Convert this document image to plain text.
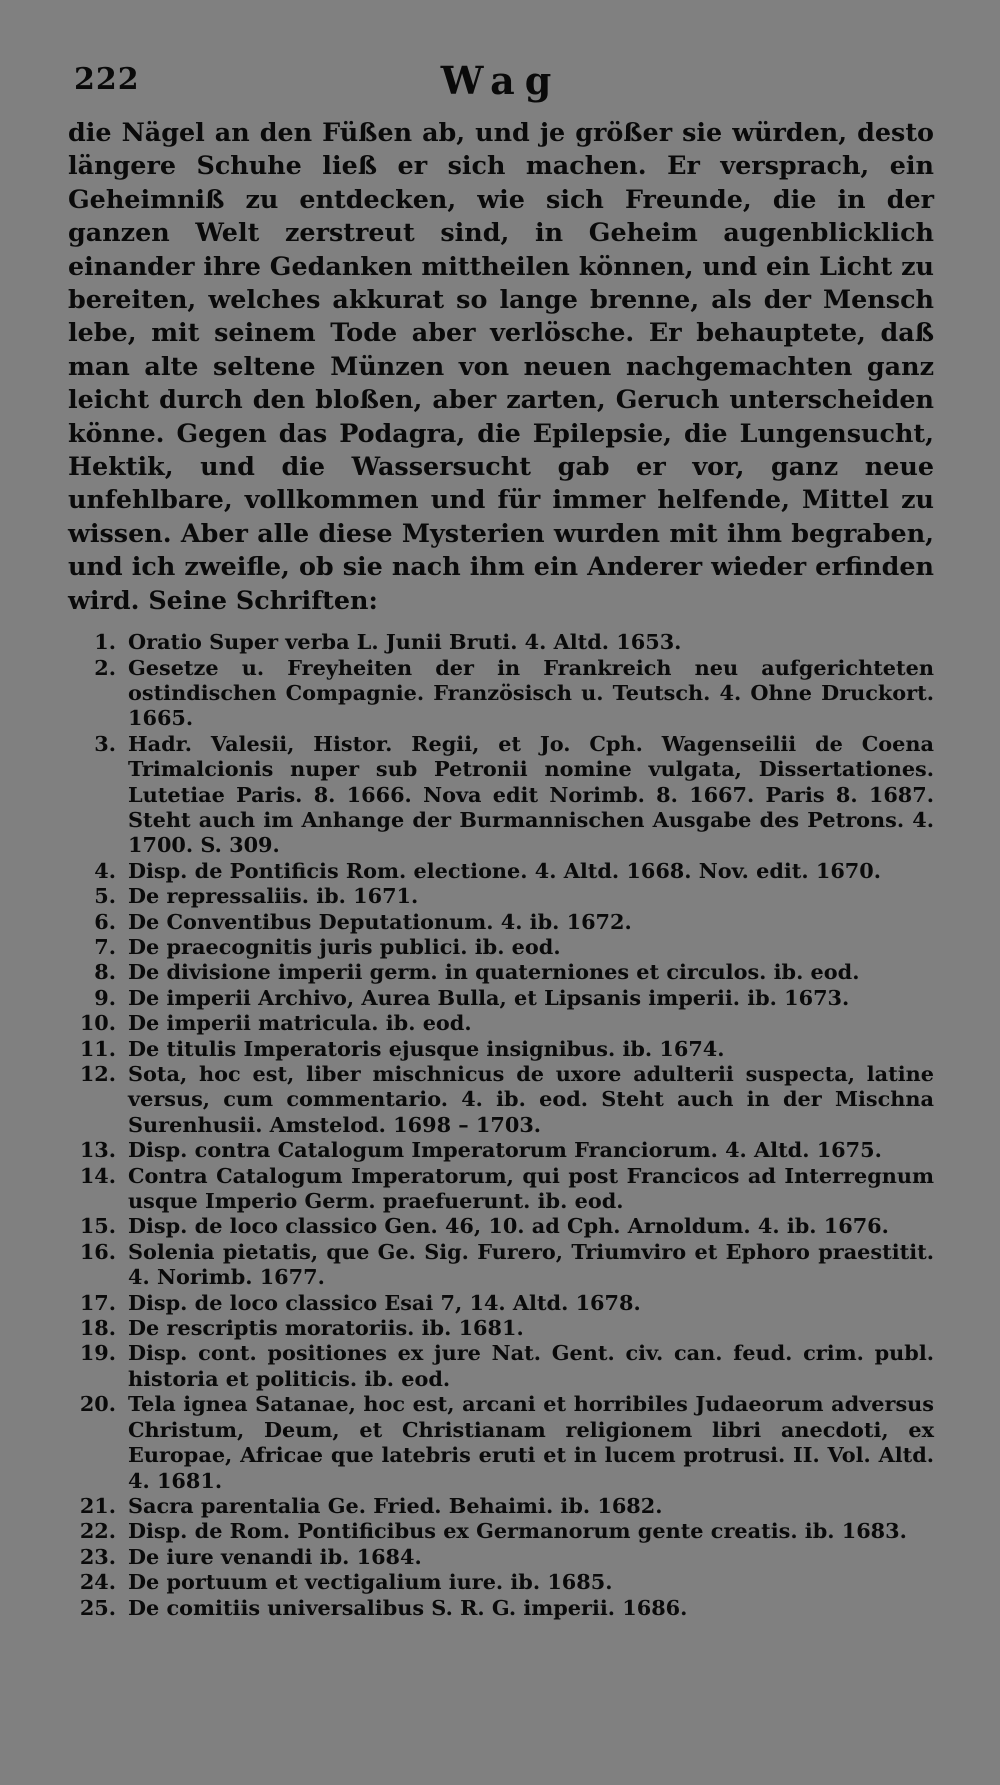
222	Wag

die Nägel an den Füßen ab, und je größer sie würden, desto längere Schuhe ließ er sich machen. Er versprach, ein Geheimniß zu entdecken, wie sich Freunde, die in der ganzen Welt zerstreut sind, in Geheim augenblicklich einander ihre Gedanken mittheilen können, und ein Licht zu bereiten, welches akkurat so lange brenne, als der Mensch lebe, mit seinem Tode aber verlösche. Er behauptete, daß man alte seltene Münzen von neuen nachgemachten ganz leicht durch den bloßen, aber zarten, Geruch unterscheiden könne. Gegen das Podagra, die Epilepsie, die Lungensucht, Hektik, und die Wassersucht gab er vor, ganz neue unfehlbare, vollkommen und für immer helfende, Mittel zu wissen. Aber alle diese Mysterien wurden mit ihm begraben, und ich zweifle, ob sie nach ihm ein Anderer wieder erfinden wird. Seine Schriften:

1. Oratio Super verba L. Junii Bruti. 4. Altd. 1653.
2. Gesetze u. Freyheiten der in Frankreich neu aufgerichteten ostindischen Compagnie. Französisch u. Teutsch. 4. Ohne Druckort. 1665.
3. Hadr. Valesii, Histor. Regii, et Jo. Cph. Wagenseilii de Coena Trimalcionis nuper sub Petronii nomine vulgata, Dissertationes. Lutetiae Paris. 8. 1666. Nova edit Norimb. 8. 1667. Paris 8. 1687. Steht auch im Anhange der Burmannischen Ausgabe des Petrons. 4. 1700. S. 309.
4. Disp. de Pontificis Rom. electione. 4. Altd. 1668. Nov. edit. 1670.
5. De repressaliis. ib. 1671.
6. De Conventibus Deputationum. 4. ib. 1672.
7. De praecognitis juris publici. ib. eod.
8. De divisione imperii germ. in quaterniones et circulos. ib. eod.
9. De imperii Archivo, Aurea Bulla, et Lipsanis imperii. ib. 1673.
10. De imperii matricula. ib. eod.
11. De titulis Imperatoris ejusque insignibus. ib. 1674.
12. Sota, hoc est, liber mischnicus de uxore adulterii suspecta, latine versus, cum commentario. 4. ib. eod. Steht auch in der Mischna Surenhusii. Amstelod. 1698 – 1703.
13. Disp. contra Catalogum Imperatorum Franciorum. 4. Altd. 1675.
14. Contra Catalogum Imperatorum, qui post Francicos ad Interregnum usque Imperio Germ. praefuerunt. ib. eod.
15. Disp. de loco classico Gen. 46, 10. ad Cph. Arnoldum. 4. ib. 1676.
16. Solenia pietatis, que Ge. Sig. Furero, Triumviro et Ephoro praestitit. 4. Norimb. 1677.
17. Disp. de loco classico Esai 7, 14. Altd. 1678.
18. De rescriptis moratoriis. ib. 1681.
19. Disp. cont. positiones ex jure Nat. Gent. civ. can. feud. crim. publ. historia et politicis. ib. eod.
20. Tela ignea Satanae, hoc est, arcani et horribiles Judaeorum adversus Christum, Deum, et Christianam religionem libri anecdoti, ex Europae, Africae que latebris eruti et in lucem protrusi. II. Vol. Altd. 4. 1681.
21. Sacra parentalia Ge. Fried. Behaimi. ib. 1682.
22. Disp. de Rom. Pontificibus ex Germanorum gente creatis. ib. 1683.
23. De iure venandi ib. 1684.
24. De portuum et vectigalium iure. ib. 1685.
25. De comitiis universalibus S. R. G. imperii. 1686.
